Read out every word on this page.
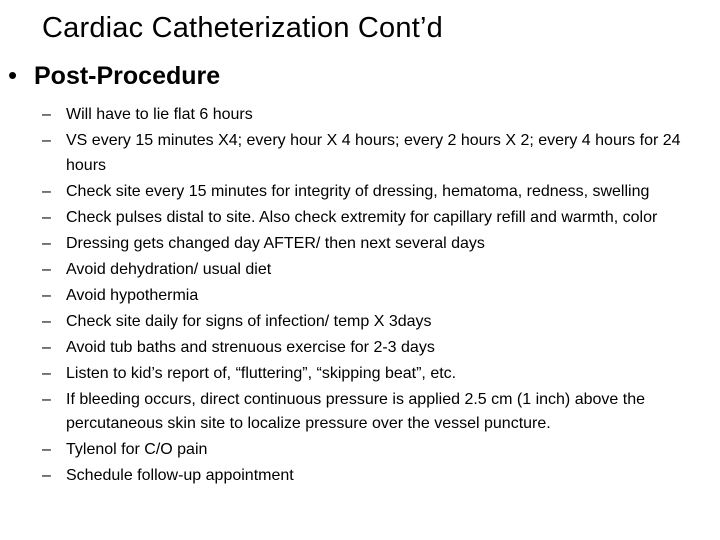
Cardiac Catheterization Cont’d
• Post-Procedure
– Will have to lie flat 6 hours
– VS every 15 minutes X4; every hour X 4 hours; every 2 hours X 2; every 4 hours for 24 hours
– Check site every 15 minutes for integrity of dressing, hematoma, redness, swelling
– Check pulses distal to site. Also check extremity for capillary refill and warmth, color
– Dressing gets changed day AFTER/ then next several days
– Avoid dehydration/ usual diet
– Avoid hypothermia
– Check site daily for signs of infection/ temp X 3days
– Avoid tub baths and strenuous exercise for 2-3 days
– Listen to kid’s report of, “fluttering”, “skipping beat”, etc.
– If bleeding occurs, direct continuous pressure is applied 2.5 cm (1 inch) above the percutaneous skin site to localize pressure over the vessel puncture.
– Tylenol for C/O pain
– Schedule follow-up appointment
